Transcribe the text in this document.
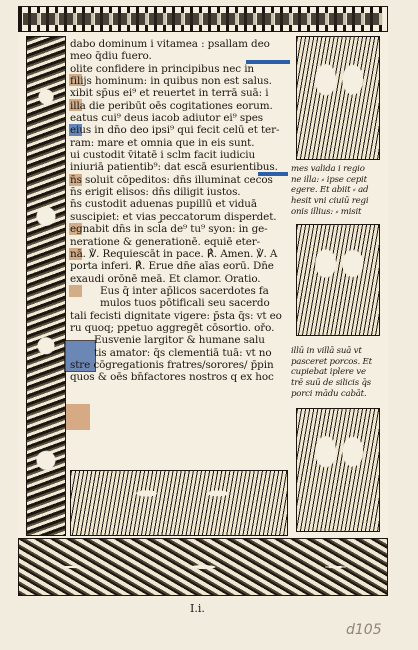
dabo dominum i vitamea : psallam deo
meo q̄diu fuero.
olite confidere in principibus nec in
filijs hominum: in quibus non est salus.
xibit sp̄us ei⁹ et reuertet in terrā suā: i
illa die peribūt oēs cogitationes eorum.
eatus cui⁹ deus iacob adiutor ei⁹ spes
eius in dn̄o deo ipsi⁹ qui fecit celū et ter-
ram: mare et omnia que in eis sunt.
ui custodit v̄itatē i sclm facit iudiciu
iniuriā patientib⁹: dat escā esurientibus.
n̄s soluit cōpeditos: dn̄s illuminat cecos
n̄s erigit elisos: dn̄s diligit iustos.
n̄s custodit aduenas pupillū et viduā
suscipiet: et vias peccatorum disperdet.
egnabit dn̄s in scl̄a de⁹ tu⁹ syon: in ge-
neratione & generationē. equiē eter-
nā. ℣. Requiescāt in pace. ℟. Amen. ℣. A
porta inferi. ℟. Erue dn̄e aīas eorū. Dn̄e
exaudi orōnē meā. Et clamor. Oratio.
Eus q̄ inter ap̄licos sacerdotes fa
mulos tuos pōtificali seu sacerdo
tali fecisti dignitate vigere: p̄sta q̄s: vt eo
ru quoq; ppetuo aggregēt cōsortio. ořo.
Eusvenie largitor & humane salu
tis amator: q̄s clementiā tuā: vt no
stre cōgregationis fratres/sorores/ p̄pin
quos & oēs bn̄factores nostros q ex hoc
mes valida i regio
ne illa: ⸗ ipse cepit
egere. Et abiit ⸗ ad
hesit vni ciuiū regi
onis illius: ⸗ misit
illū in villā suā vt
pasceret porcos. Et
cupiebat iplere ve
trē suū de silicis q̄s
porci mādu cabāt.
I.i.
d105
